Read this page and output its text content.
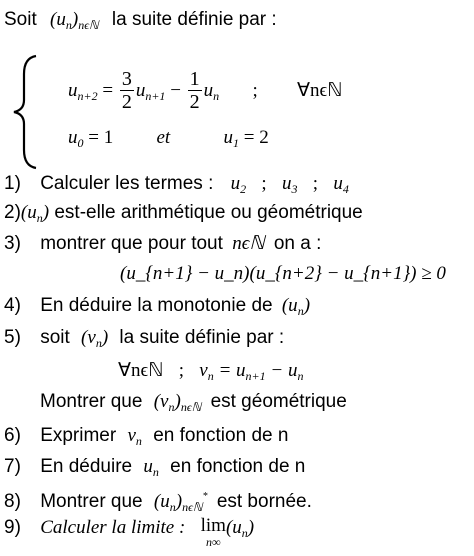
Soit $(u_n)_{n\epsilon ℕ}$ la suite définie par :
$u_{n+2} = \frac{3}{2} u_{n+1} - \frac{1}{2} u_n$ ; ∀nϵℕ
$u_0 = 1$ et	$u_1 = 2$
1) Calculer les termes : $u_2$ ; $u_3$ ; $u_4$
$2)(u_n)$ est-elle arithmétique ou géométrique
3) montrer que pour tout nϵℕ on a :
(u_{n+1} − u_n)(u_{n+2} − u_{n+1}) ≥ 0
4) En déduire la monotonie de $(u_n)$
5) soit $(v_n)$ la suite définie par :
∀nϵℕ ; $v_n = u_{n+1} - u_n$
Montrer que $(v_n)_{n\epsilon ℕ}$ est géométrique
6) Exprimer $v_n$ en fonction de n
7) En déduire $u_n$ en fonction de n
8) Montrer que $(u_n)_{n\epsilon ℕ}^*$ est bornée.
9) Calculer la limite : lim
n∞
$(u_n)$
